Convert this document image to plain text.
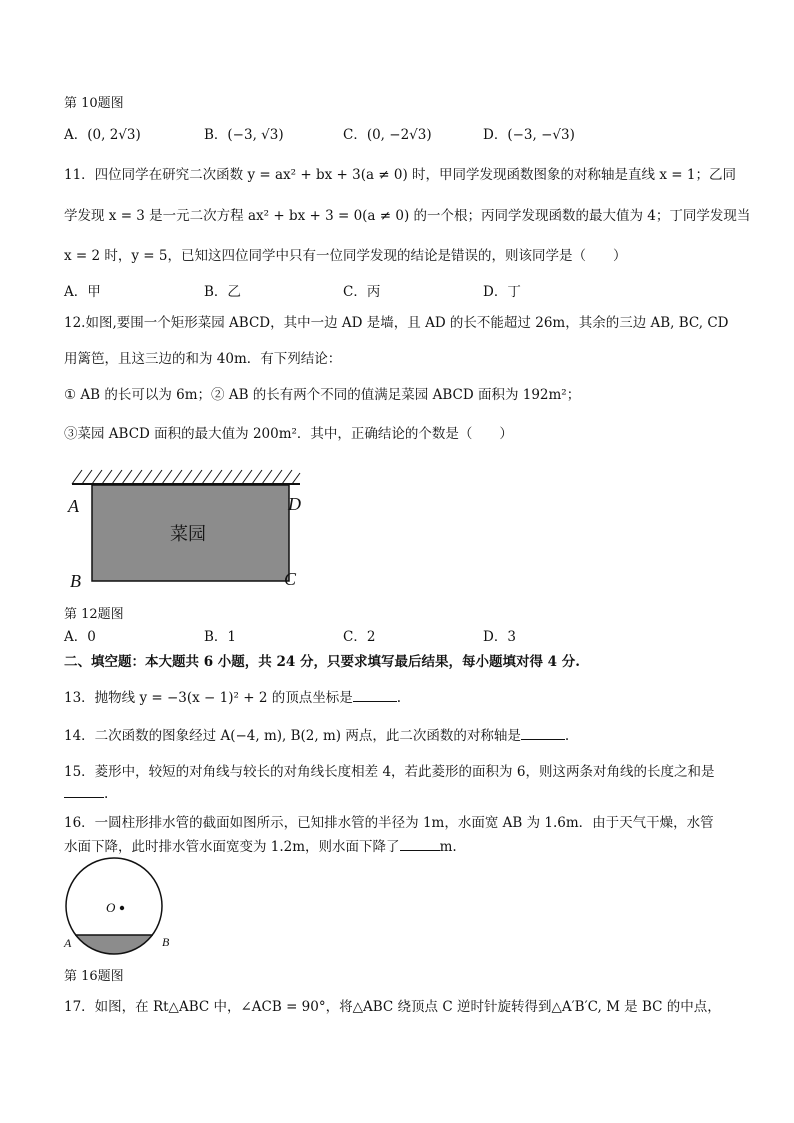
第 10题图
A．(0, 2√3)	B．(−3, √3)	C．(0, −2√3)	D．(−3, −√3)
11．四位同学在研究二次函数 y = ax² + bx + 3(a ≠ 0) 时，甲同学发现函数图象的对称轴是直线 x = 1；乙同
学发现 x = 3 是一元二次方程 ax² + bx + 3 = 0(a ≠ 0) 的一个根；丙同学发现函数的最大值为 4；丁同学发现当
x = 2 时，y = 5，已知这四位同学中只有一位同学发现的结论是错误的，则该同学是（　　）
A．甲	B．乙	C．丙	D．丁
12.如图,要围一个矩形菜园 ABCD，其中一边 AD 是墙，且 AD 的长不能超过 26m，其余的三边 AB, BC, CD
用篱笆，且这三边的和为 40m．有下列结论：
① AB 的长可以为 6m；② AB 的长有两个不同的值满足菜园 ABCD 面积为 192m²；
③菜园 ABCD 面积的最大值为 200m²．其中，正确结论的个数是（　　）
菜园
A	D
B	C
第 12题图
A．0	B．1	C．2	D．3
二、填空题：本大题共 6 小题，共 24 分，只要求填写最后结果，每小题填对得 4 分.
13．抛物线 y = −3(x − 1)² + 2 的顶点坐标是	.
14．二次函数的图象经过 A(−4, m), B(2, m) 两点，此二次函数的对称轴是	.
15．菱形中，较短的对角线与较长的对角线长度相差 4，若此菱形的面积为 6，则这两条对角线的长度之和是
.
16．一圆柱形排水管的截面如图所示，已知排水管的半径为 1m，水面宽 AB 为 1.6m．由于天气干燥，水管
水面下降，此时排水管水面宽变为 1.2m，则水面下降了	m.
O
A	B
第 16题图
17．如图，在 Rt△ABC 中，∠ACB = 90°，将△ABC 绕顶点 C 逆时针旋转得到△A′B′C, M 是 BC 的中点，
